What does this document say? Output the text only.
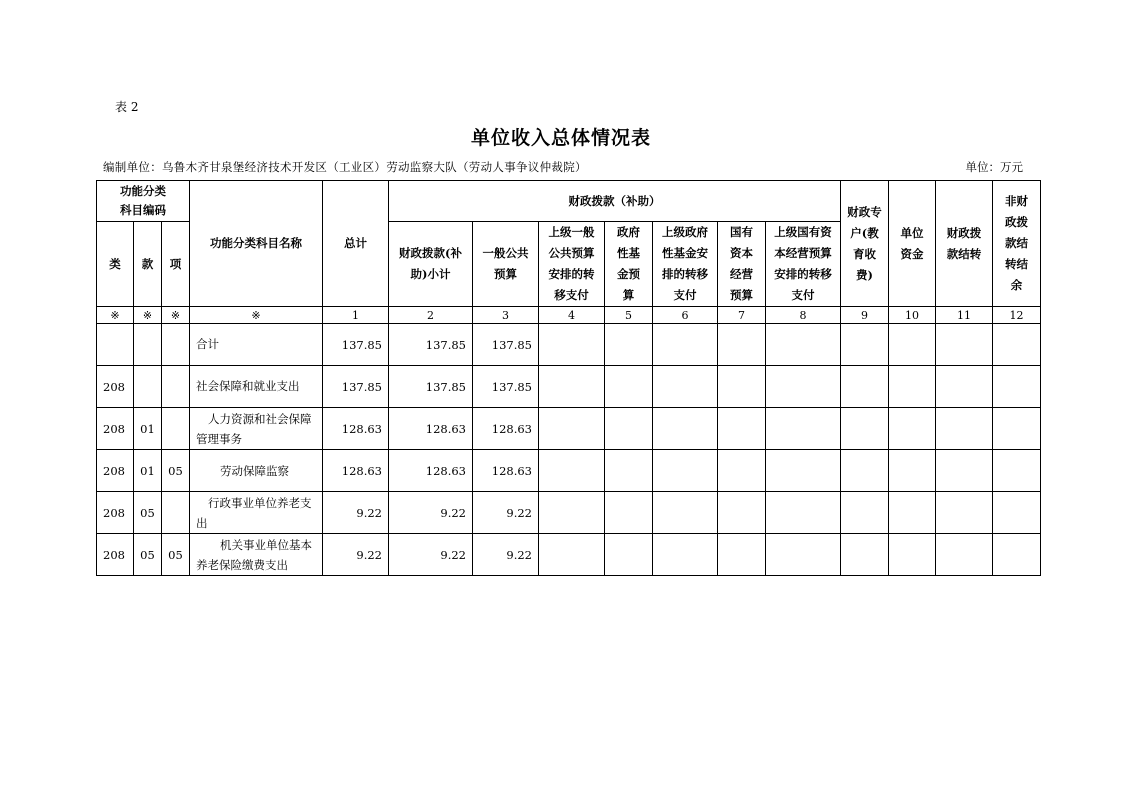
表 2
单位收入总体情况表
编制单位：乌鲁木齐甘泉堡经济技术开发区（工业区）劳动监察大队（劳动人事争议仲裁院）	单位：万元
功能分类科目编码			功能分类科目名称	总计	财政拨款（补助）							财政专户(教育收费)	单位资金	财政拨款结转	非财政拨款结转结余
类	款	项			财政拨款(补助)小计	一般公共预算	上级一般公共预算安排的转移支付	政府性基金预算	上级政府性基金安排的转移支付	国有资本经营预算	上级国有资本经营预算安排的转移支付				
※	※	※	※	1	2	3	4	5	6	7	8	9	10	11	12
			合计	137.85	137.85	137.85									
208			社会保障和就业支出	137.85	137.85	137.85									
208	01		人力资源和社会保障管理事务	128.63	128.63	128.63									
208	01	05	劳动保障监察	128.63	128.63	128.63									
208	05		行政事业单位养老支出	9.22	9.22	9.22									
208	05	05	机关事业单位基本养老保险缴费支出	9.22	9.22	9.22									
